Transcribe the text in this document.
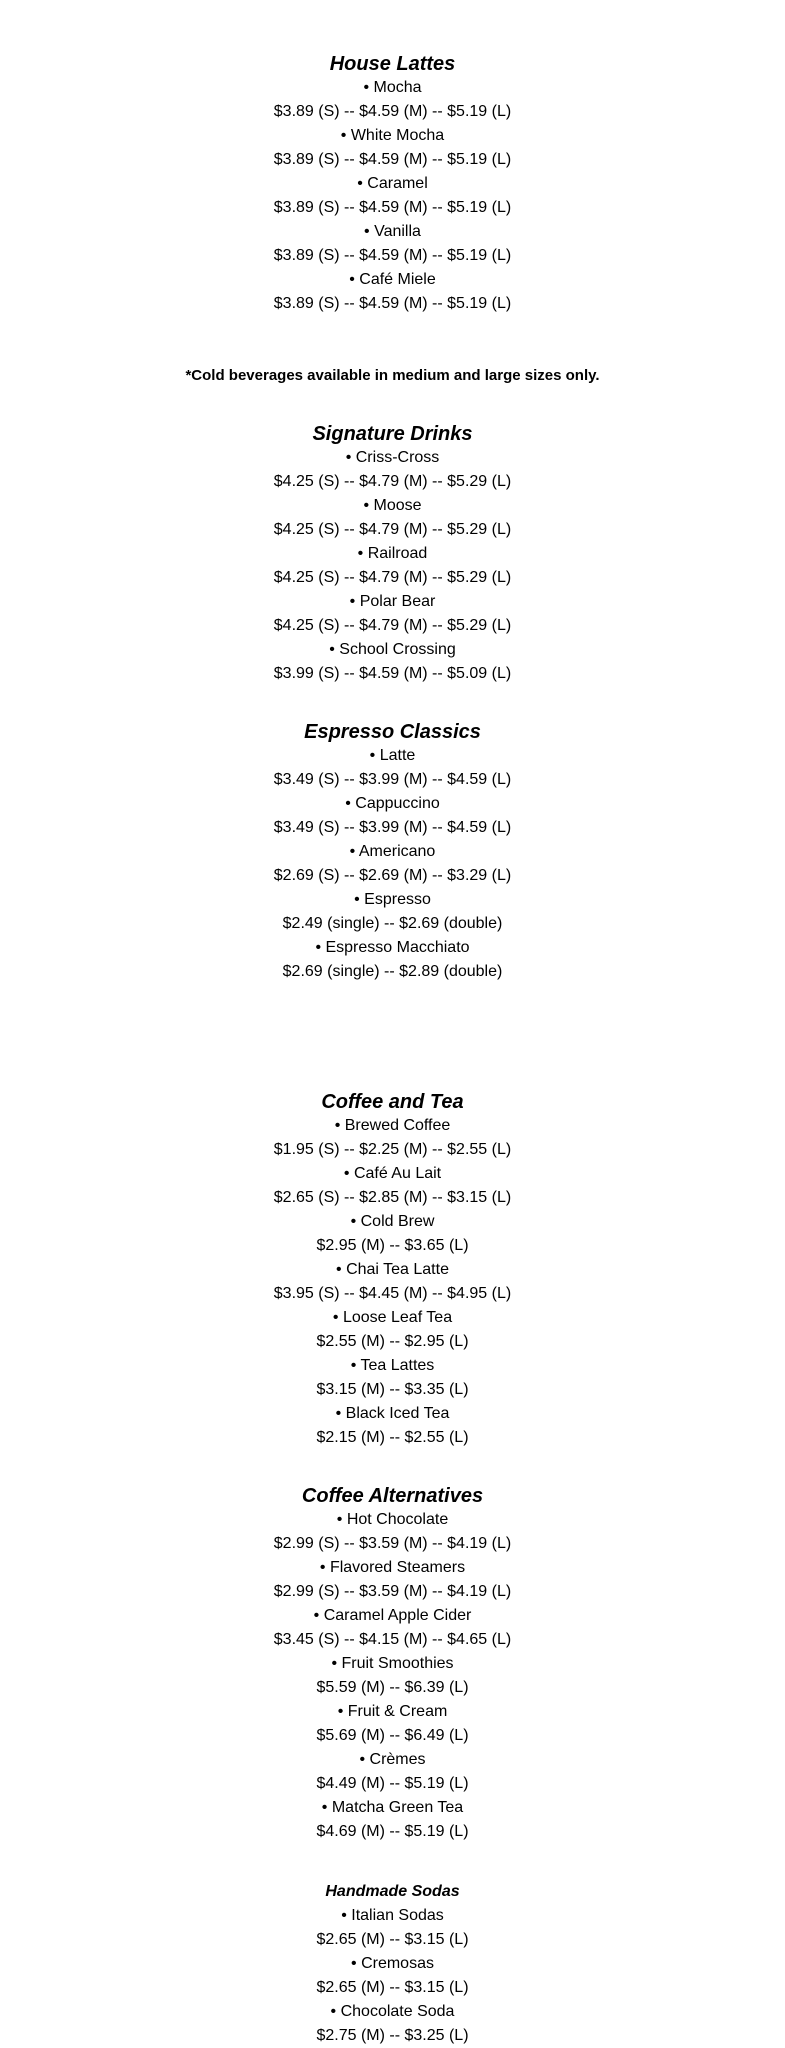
House Lattes

• Mocha

$3.89 (S) -- $4.59 (M) -- $5.19 (L)

• White Mocha

$3.89 (S) -- $4.59 (M) -- $5.19 (L)

• Caramel

$3.89 (S) -- $4.59 (M) -- $5.19 (L)

• Vanilla

$3.89 (S) -- $4.59 (M) -- $5.19 (L)

• Café Miele

$3.89 (S) -- $4.59 (M) -- $5.19 (L)

*Cold beverages available in medium and large sizes only.

Signature Drinks

• Criss-Cross

$4.25 (S) -- $4.79 (M) -- $5.29 (L)

• Moose

$4.25 (S) -- $4.79 (M) -- $5.29 (L)

• Railroad

$4.25 (S) -- $4.79 (M) -- $5.29 (L)

• Polar Bear

$4.25 (S) -- $4.79 (M) -- $5.29 (L)

• School Crossing

$3.99 (S) -- $4.59 (M) -- $5.09 (L)

Espresso Classics

• Latte

$3.49 (S) -- $3.99 (M) -- $4.59 (L)

• Cappuccino

$3.49 (S) -- $3.99 (M) -- $4.59 (L)

• Americano

$2.69 (S) -- $2.69 (M) -- $3.29 (L)

• Espresso

$2.49 (single) -- $2.69 (double)

• Espresso Macchiato

$2.69 (single) -- $2.89 (double)

Coffee and Tea

• Brewed Coffee

$1.95 (S) -- $2.25 (M) -- $2.55 (L)

• Café Au Lait

$2.65 (S) -- $2.85 (M) -- $3.15 (L)

• Cold Brew

$2.95 (M) -- $3.65 (L)

• Chai Tea Latte

$3.95 (S) -- $4.45 (M) -- $4.95 (L)

• Loose Leaf Tea

$2.55 (M) -- $2.95 (L)

• Tea Lattes

$3.15 (M) -- $3.35 (L)

• Black Iced Tea

$2.15 (M) -- $2.55 (L)

Coffee Alternatives

• Hot Chocolate

$2.99 (S) -- $3.59 (M) -- $4.19 (L)

• Flavored Steamers

$2.99 (S) -- $3.59 (M) -- $4.19 (L)

• Caramel Apple Cider

$3.45 (S) -- $4.15 (M) -- $4.65 (L)

• Fruit Smoothies

$5.59 (M) -- $6.39 (L)

• Fruit & Cream

$5.69 (M) -- $6.49 (L)

• Crèmes

$4.49 (M) -- $5.19 (L)

• Matcha Green Tea

$4.69 (M) -- $5.19 (L)

Handmade Sodas

• Italian Sodas

$2.65 (M) -- $3.15 (L)

• Cremosas

$2.65 (M) -- $3.15 (L)

• Chocolate Soda

$2.75 (M) -- $3.25 (L)
